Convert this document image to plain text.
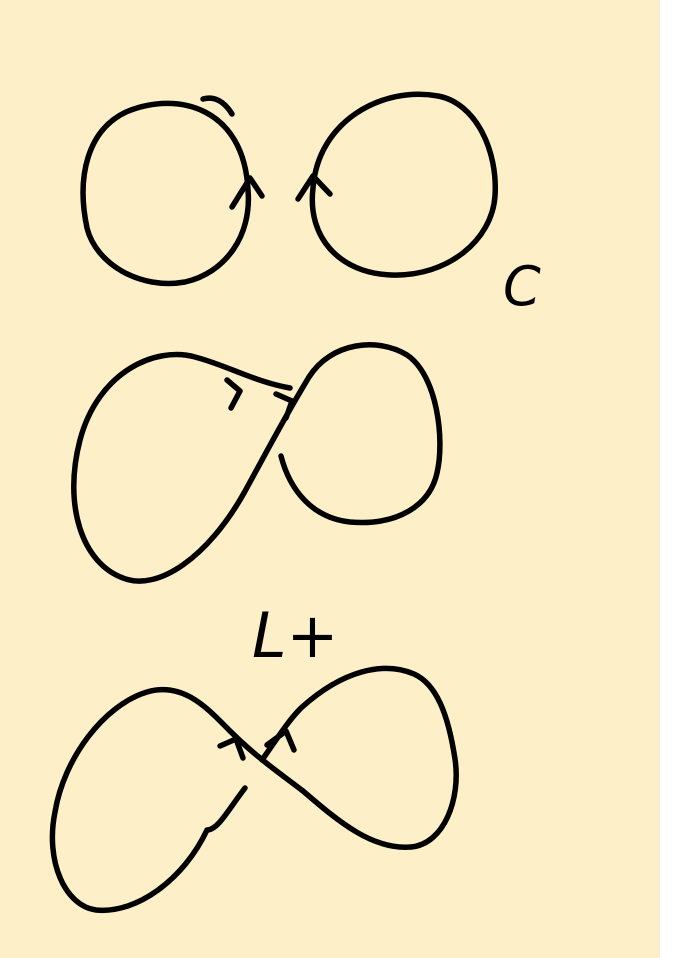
C
L+
